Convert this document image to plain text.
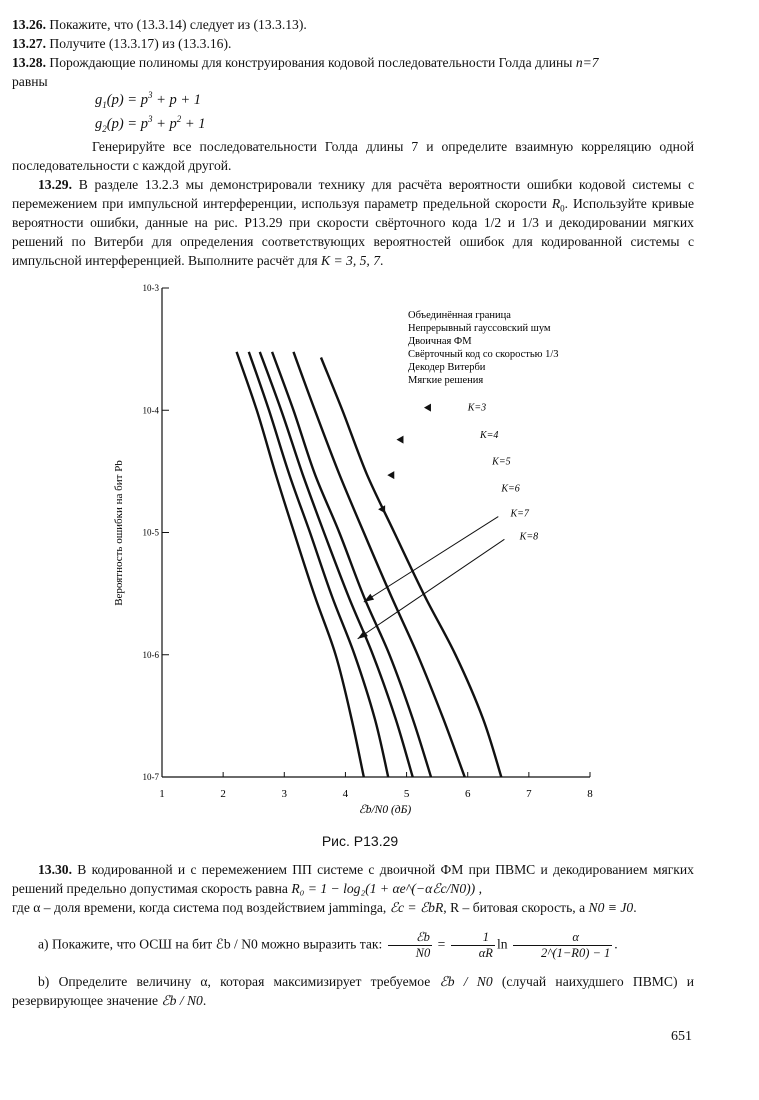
13.26. Покажите, что (13.3.14) следует из (13.3.13).

13.27. Получите (13.3.17) из (13.3.16).

13.28. Порождающие полиномы для конструирования кодовой последовательности Голда длины n=7
равны

$g_1(p) = p^3 + p + 1$
$g_2(p) = p^3 + p^2 + 1$

Генерируйте все последовательности Голда длины 7 и определите взаимную корреляцию одной последовательности с каждой другой.

13.29. В разделе 13.2.3 мы демонстрировали технику для расчёта вероятности ошибки кодовой системы с перемежением при импульсной интерференции, используя параметр предельной скорости $R_0$. Используйте кривые вероятности ошибки, данные на рис. P13.29 при скорости свёрточного кода 1/2 и 1/3 и декодировании мягких решений по Витерби для определения соответствующих вероятностей ошибок для кодированной системы с импульсной интерференцией. Выполните расчёт для K = 3, 5, 7.

10-3
10-4
10-5
10-6
10-7
1	2	3	4	5	6	7	8
K=3
K=4
K=5
K=6
K=7
K=8
Объединённая граница
Непрерывный гауссовский шум
Двоичная ФМ
Свёрточный код со скоростью 1/3
Декодер Витерби
Мягкие решения
ℰb/N0 (дБ)
Вероятность ошибки на бит Pb
Рис. P13.29

13.30. В кодированной и с перемежением ПП системе с двоичной ФМ при ПВМС и декодированием мягких решений предельно допустимая скорость равна R₀ = 1 − log₂(1 + αe^(−αℰc/N0)) ,
где α – доля времени, когда система под воздействием jamminga, ℰc = ℰbR, R – битовая скорость, а N0 ≡ J0.

a) Покажите, что ОСШ на бит ℰb / N0 можно выразить так: $\frac{\text{ℰb}}{N0} = \frac{1}{\alpha R}$ $\ln \frac{\alpha}{2\^{}(1-R0) - 1}$ .

b) Определите величину α, которая максимизирует требуемое ℰb / N0 (случай наихудшего ПВМС) и резервирующее значение ℰb / N0.

651
